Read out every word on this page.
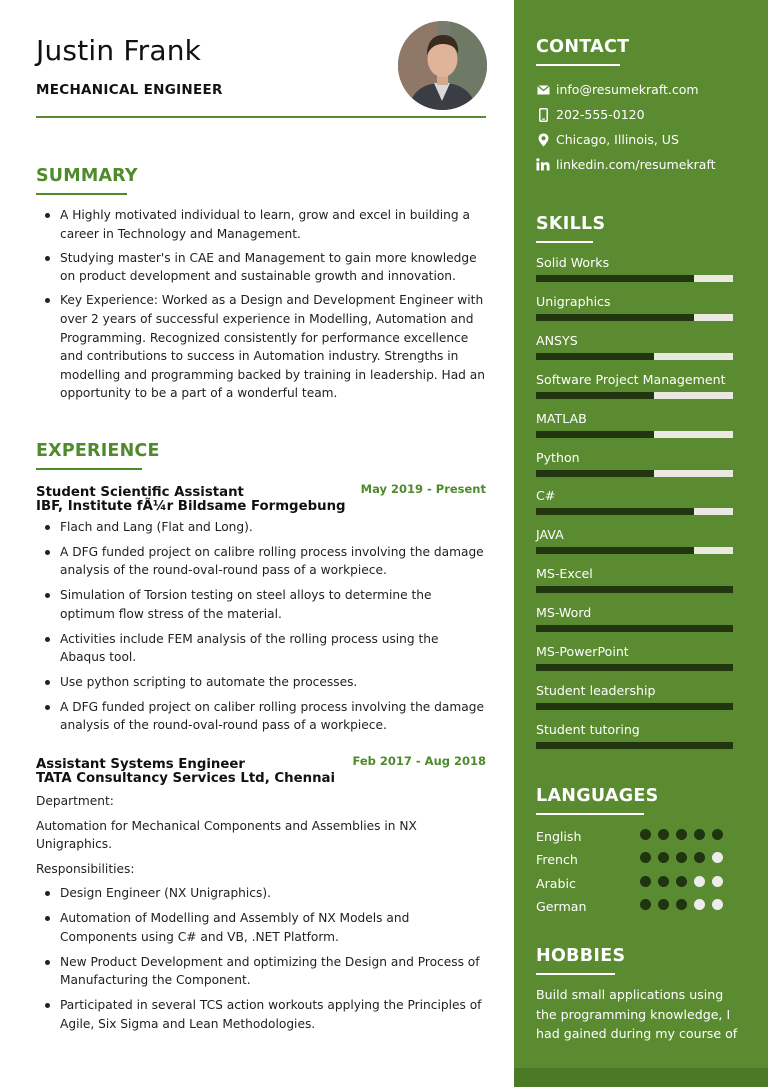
Justin Frank
MECHANICAL ENGINEER
SUMMARY
A Highly motivated individual to learn, grow and excel in building a career in Technology and Management.
Studying master's in CAE and Management to gain more knowledge on product development and sustainable growth and innovation.
Key Experience: Worked as a Design and Development Engineer with over 2 years of successful experience in Modelling, Automation and Programming. Recognized consistently for performance excellence and contributions to success in Automation industry. Strengths in modelling and programming backed by training in leadership. Had an opportunity to be a part of a wonderful team.
EXPERIENCE
Student Scientific Assistant	May 2019 - Present
IBF, Institute fÃ¼r Bildsame Formgebung
Flach and Lang (Flat and Long).
A DFG funded project on calibre rolling process involving the damage analysis of the round-oval-round pass of a workpiece.
Simulation of Torsion testing on steel alloys to determine the optimum flow stress of the material.
Activities include FEM analysis of the rolling process using the Abaqus tool.
Use python scripting to automate the processes.
A DFG funded project on caliber rolling process involving the damage analysis of the round-oval-round pass of a workpiece.
Assistant Systems Engineer	Feb 2017 - Aug 2018
TATA Consultancy Services Ltd, Chennai
Department:
Automation for Mechanical Components and Assemblies in NX Unigraphics.
Responsibilities:
Design Engineer (NX Unigraphics).
Automation of Modelling and Assembly of NX Models and Components using C# and VB, .NET Platform.
New Product Development and optimizing the Design and Process of Manufacturing the Component.
Participated in several TCS action workouts applying the Principles of Agile, Six Sigma and Lean Methodologies.
CONTACT
info@resumekraft.com
202-555-0120
Chicago, Illinois, US
linkedin.com/resumekraft
SKILLS
Solid Works
Unigraphics
ANSYS
Software Project Management
MATLAB
Python
C#
JAVA
MS-Excel
MS-Word
MS-PowerPoint
Student leadership
Student tutoring
LANGUAGES
English
French
Arabic
German
HOBBIES
Build small applications using the programming knowledge, I had gained during my course of
